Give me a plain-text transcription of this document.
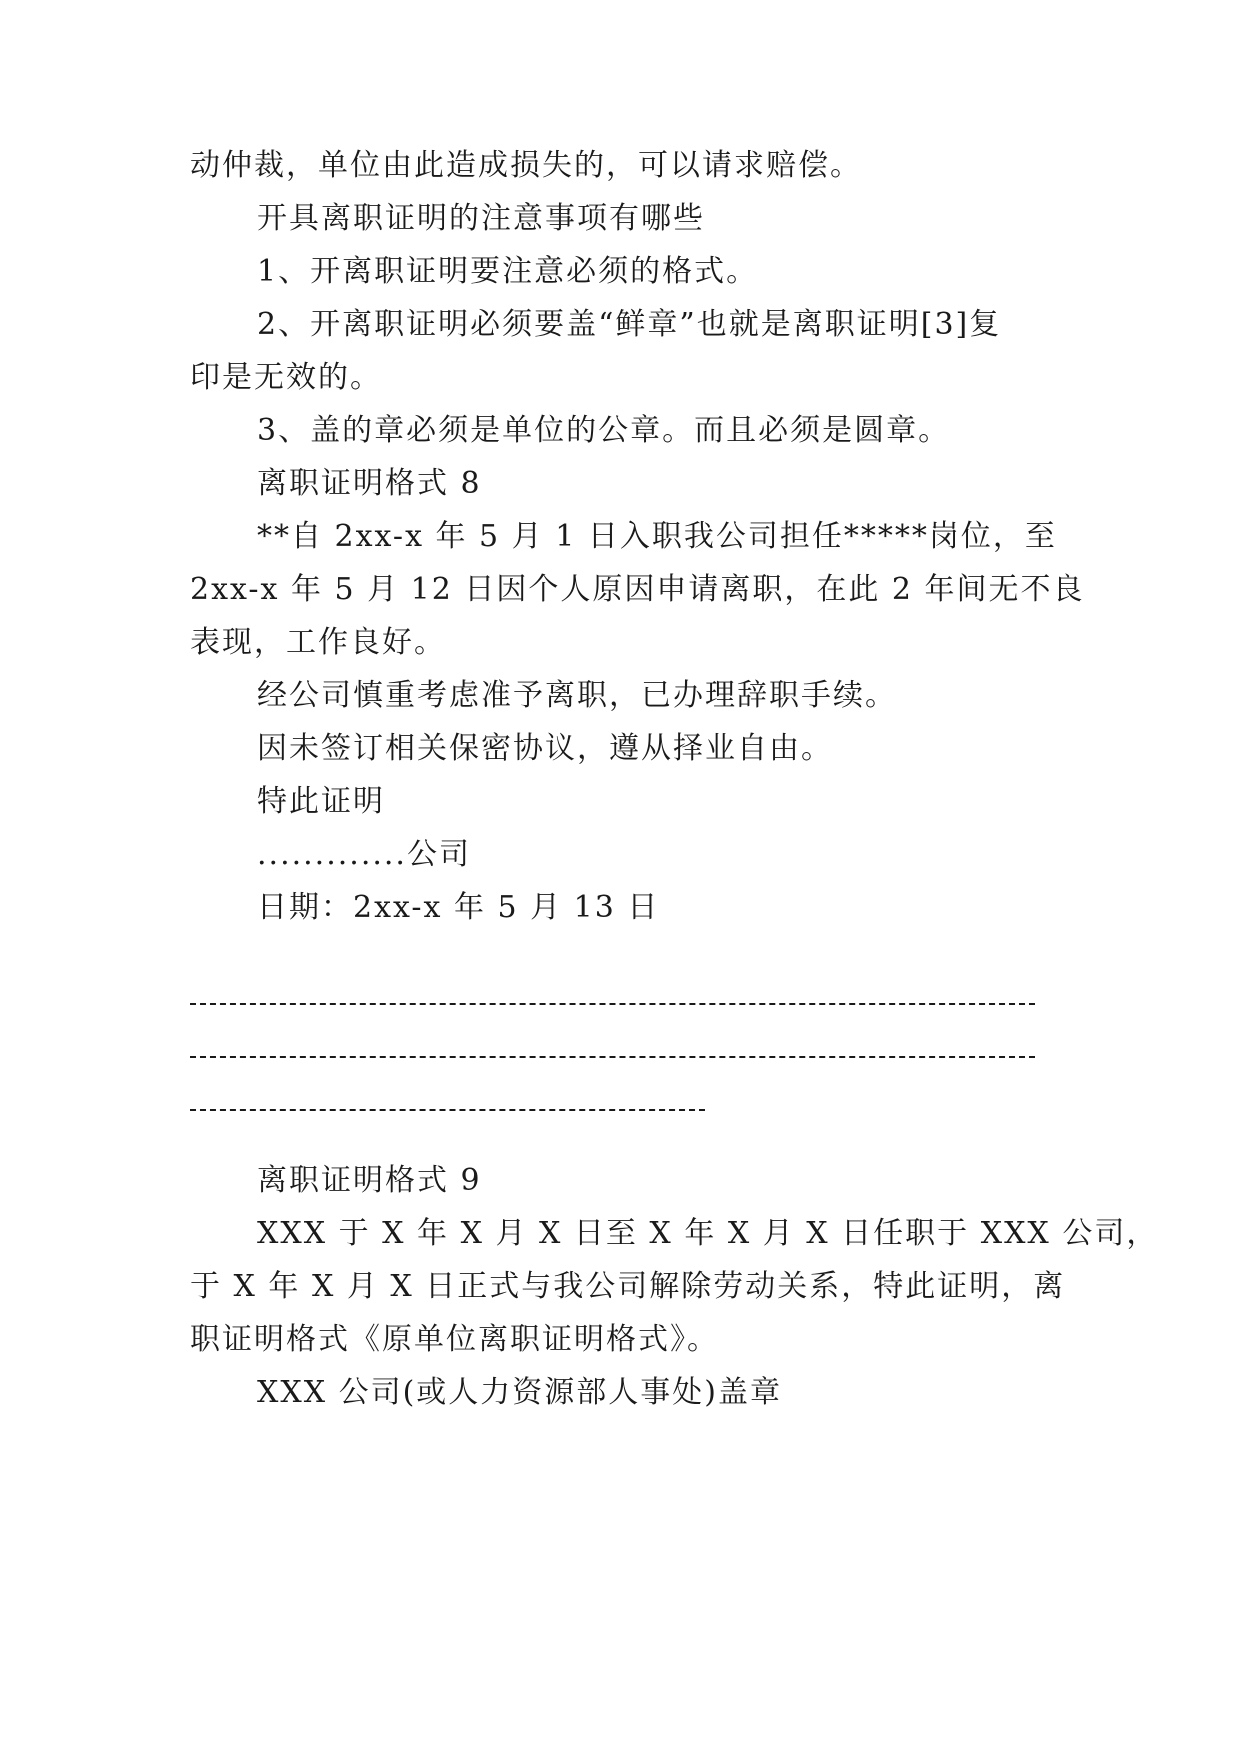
动仲裁，单位由此造成损失的，可以请求赔偿。
开具离职证明的注意事项有哪些
1、开离职证明要注意必须的格式。
2、开离职证明必须要盖“鲜章”也就是离职证明[3]复
印是无效的。
3、盖的章必须是单位的公章。而且必须是圆章。
离职证明格式 8
**自 2xx-x 年 5 月 1 日入职我公司担任*****岗位，至
2xx-x 年 5 月 12 日因个人原因申请离职，在此 2 年间无不良
表现，工作良好。
经公司慎重考虑准予离职，已办理辞职手续。
因未签订相关保密协议，遵从择业自由。
特此证明
.............公司
日期：2xx-x 年 5 月 13 日
离职证明格式 9
XXX 于 X 年 X 月 X 日至 X 年 X 月 X 日任职于 XXX 公司，
于 X 年 X 月 X 日正式与我公司解除劳动关系，特此证明，离
职证明格式《原单位离职证明格式》。
XXX 公司(或人力资源部人事处)盖章
